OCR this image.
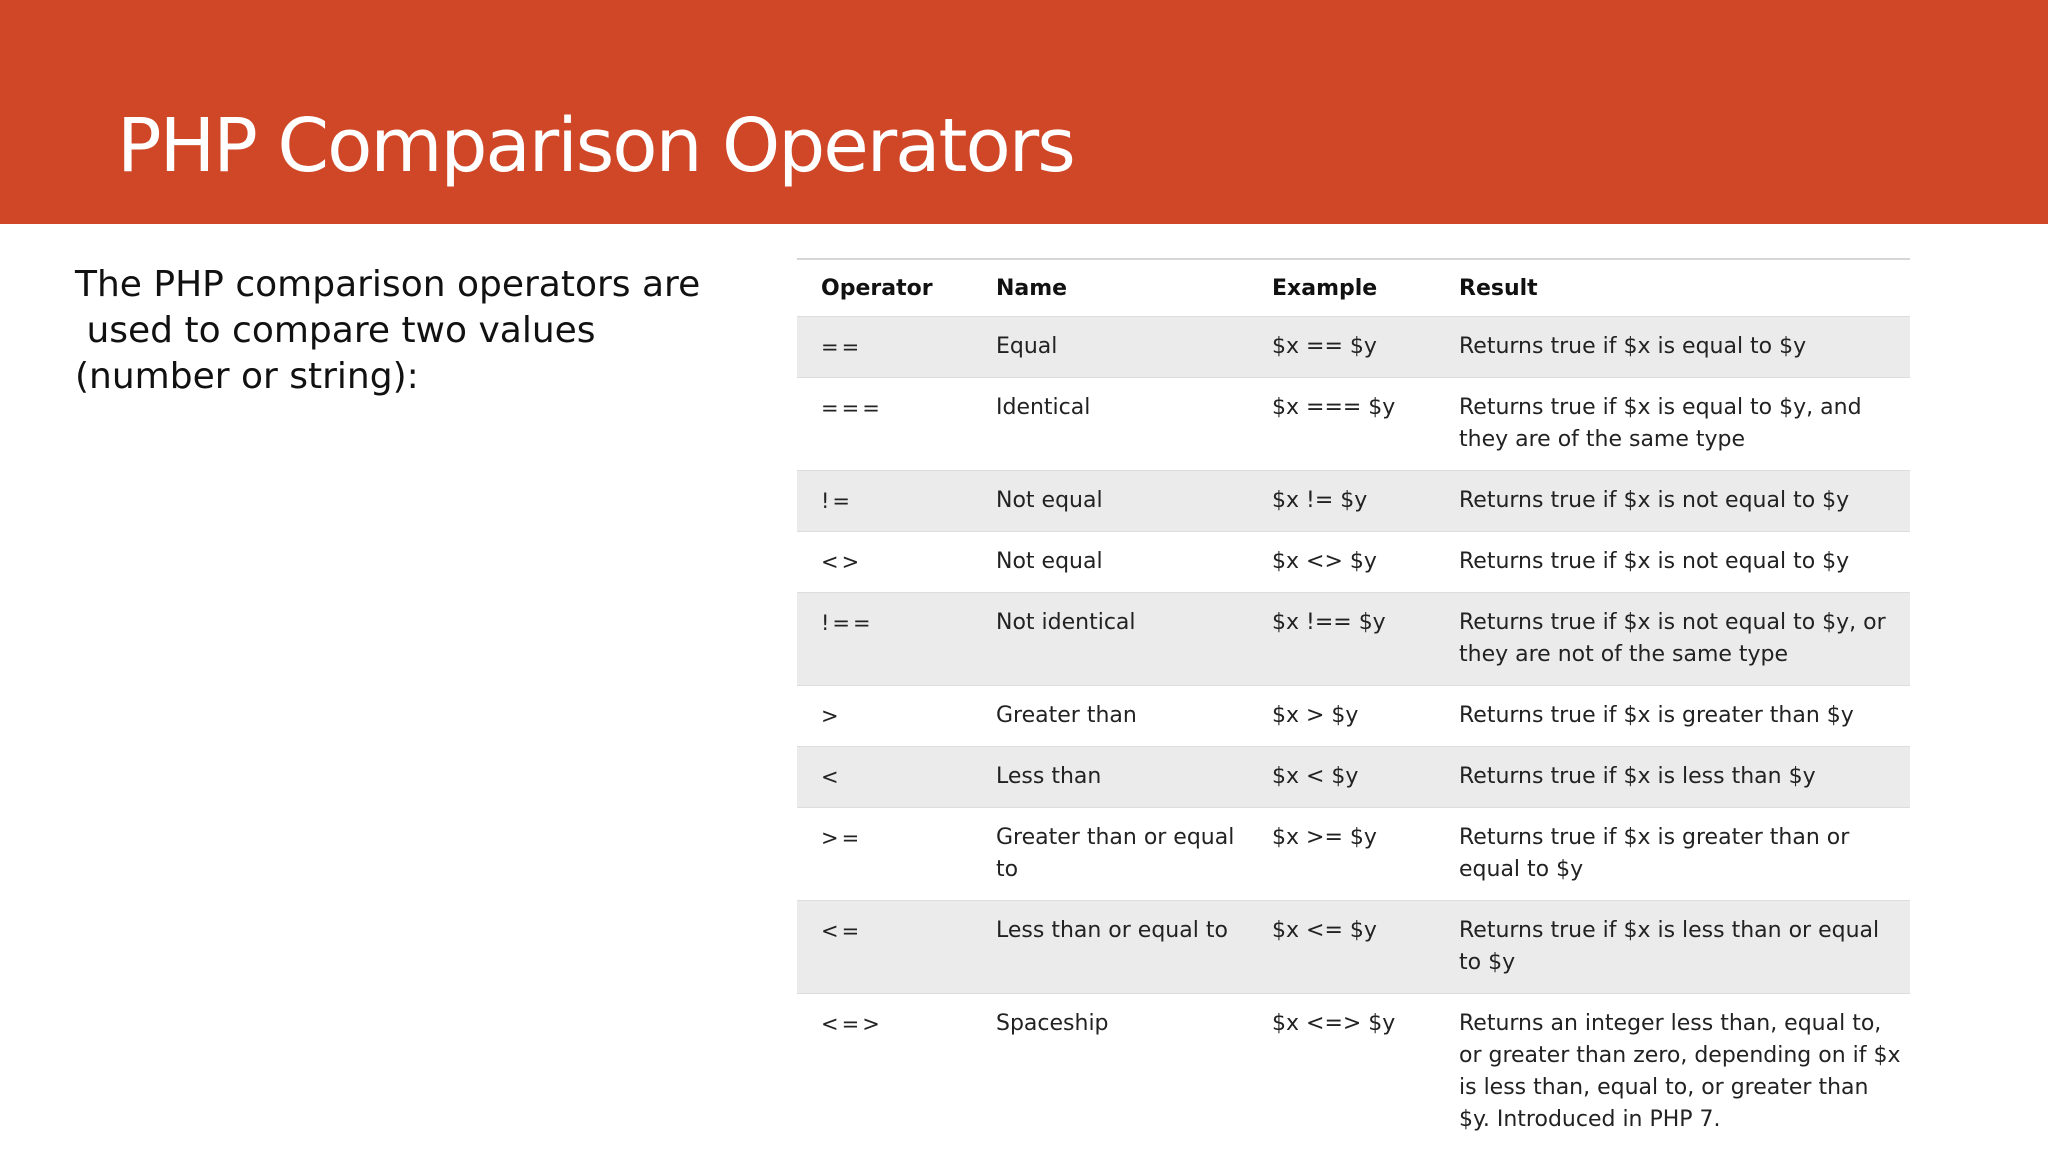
PHP Comparison Operators

The PHP comparison operators are
used to compare two values
(number or string):

Operator	Name	Example	Result
==	Equal	$x == $y	Returns true if $x is equal to $y
===	Identical	$x === $y	Returns true if $x is equal to $y, and they are of the same type
!=	Not equal	$x != $y	Returns true if $x is not equal to $y
<>	Not equal	$x <> $y	Returns true if $x is not equal to $y
!==	Not identical	$x !== $y	Returns true if $x is not equal to $y, or they are not of the same type
>	Greater than	$x > $y	Returns true if $x is greater than $y
<	Less than	$x < $y	Returns true if $x is less than $y
>=	Greater than or equal to	$x >= $y	Returns true if $x is greater than or equal to $y
<=	Less than or equal to	$x <= $y	Returns true if $x is less than or equal to $y
<=>	Spaceship	$x <=> $y	Returns an integer less than, equal to, or greater than zero, depending on if $x is less than, equal to, or greater than $y. Introduced in PHP 7.
